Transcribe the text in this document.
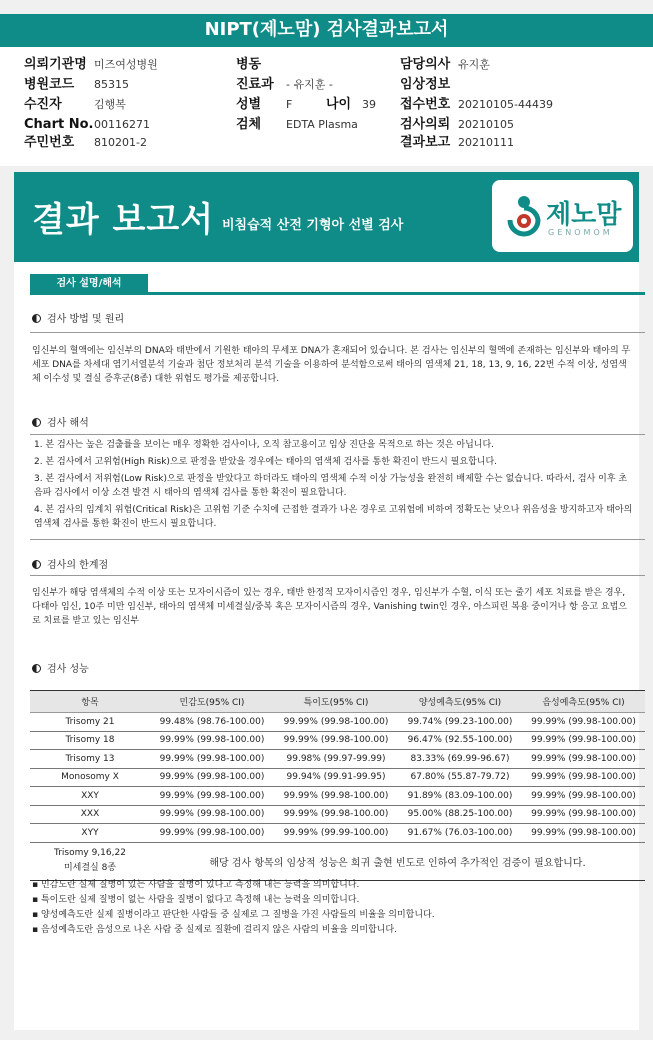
NIPT(제노맘) 검사결과보고서
의뢰기관명 미즈여성병원	병동	담당의사 유지훈
병원코드 85315	진료과 - 유지훈 -	임상정보
수진자	김행복	성별 F	나이 39 접수번호 20210105-44439
Chart No. 00116271	검체 EDTA Plasma	검사의뢰 20210105
주민번호 810201-2	결과보고 20210111
결과 보고서 비침습적 산전 기형아 선별 검사	제노맘
GENOMOM
검사 설명/해석
검사 방법 및 원리
임신부의 혈액에는 임신부의 DNA와 태반에서 기원한 태아의 무세포 DNA가 혼재되어 있습니다. 본 검사는 임신부의 혈액에 존재하는 임신부와 태아의 무세포 DNA를 차세대 염기서열분석 기술과 첨단 정보처리 분석 기술을 이용하여 분석함으로써 태아의 염색체 21, 18, 13, 9, 16, 22번 수적 이상, 성염색체 이수성 및 결실 증후군(8종) 대한 위험도 평가를 제공합니다.
검사 해석
1. 본 검사는 높은 검출률을 보이는 매우 정확한 검사이나, 오직 참고용이고 임상 진단을 목적으로 하는 것은 아닙니다.
2. 본 검사에서 고위험(High Risk)으로 판정을 받았을 경우에는 태아의 염색체 검사를 통한 확진이 반드시 필요합니다.
3. 본 검사에서 저위험(Low Risk)으로 판정을 받았다고 하더라도 태아의 염색체 수적 이상 가능성을 완전히 배제할 수는 없습니다. 따라서, 검사 이후 초음파 검사에서 이상 소견 발견 시 태아의 염색체 검사를 통한 확진이 필요합니다.
4. 본 검사의 임계치 위험(Critical Risk)은 고위험 기준 수치에 근접한 결과가 나온 경우로 고위험에 비하여 정확도는 낮으나 위음성을 방지하고자 태아의 염색체 검사를 통한 확진이 반드시 필요합니다.
검사의 한계점
임신부가 해당 염색체의 수적 이상 또는 모자이시즘이 있는 경우, 태반 한정적 모자이시즘인 경우, 임신부가 수혈, 이식 또는 줄기 세포 치료를 받은 경우, 다태아 임신, 10주 미만 임신부, 태아의 염색체 미세결실/중복 혹은 모자이시즘의 경우, Vanishing twin인 경우, 아스피린 복용 중이거나 항 응고 요법으로 치료를 받고 있는 임신부
검사 성능
항목	민감도(95% CI)	특이도(95% CI)	양성예측도(95% CI)	음성예측도(95% CI)
Trisomy 21	99.48% (98.76-100.00)	99.99% (99.98-100.00)	99.74% (99.23-100.00)	99.99% (99.98-100.00)
Trisomy 18	99.99% (99.98-100.00)	99.99% (99.98-100.00)	96.47% (92.55-100.00)	99.99% (99.98-100.00)
Trisomy 13	99.99% (99.98-100.00)	99.98% (99.97-99.99)	83.33% (69.99-96.67)	99.99% (99.98-100.00)
Monosomy X	99.99% (99.98-100.00)	99.94% (99.91-99.95)	67.80% (55.87-79.72)	99.99% (99.98-100.00)
XXY	99.99% (99.98-100.00)	99.99% (99.98-100.00)	91.89% (83.09-100.00)	99.99% (99.98-100.00)
XXX	99.99% (99.98-100.00)	99.99% (99.98-100.00)	95.00% (88.25-100.00)	99.99% (99.98-100.00)
XYY	99.99% (99.98-100.00)	99.99% (99.99-100.00)	91.67% (76.03-100.00)	99.99% (99.98-100.00)

Trisomy 9,16,22
미세결실 8종	해당 검사 항목의 임상적 성능은 희귀 출현 빈도로 인하여 추가적인 검증이 필요합니다.			
▪ 민감도란 실제 질병이 있는 사람을 질병이 있다고 측정해 내는 능력을 의미합니다.
▪ 특이도란 실제 질병이 없는 사람을 질병이 없다고 측정해 내는 능력을 의미합니다.
▪ 양성예측도란 실제 질병이라고 판단한 사람들 중 실제로 그 질병을 가진 사람들의 비율을 의미합니다.
▪ 음성예측도란 음성으로 나온 사람 중 실제로 질환에 걸리지 않은 사람의 비율을 의미합니다.
